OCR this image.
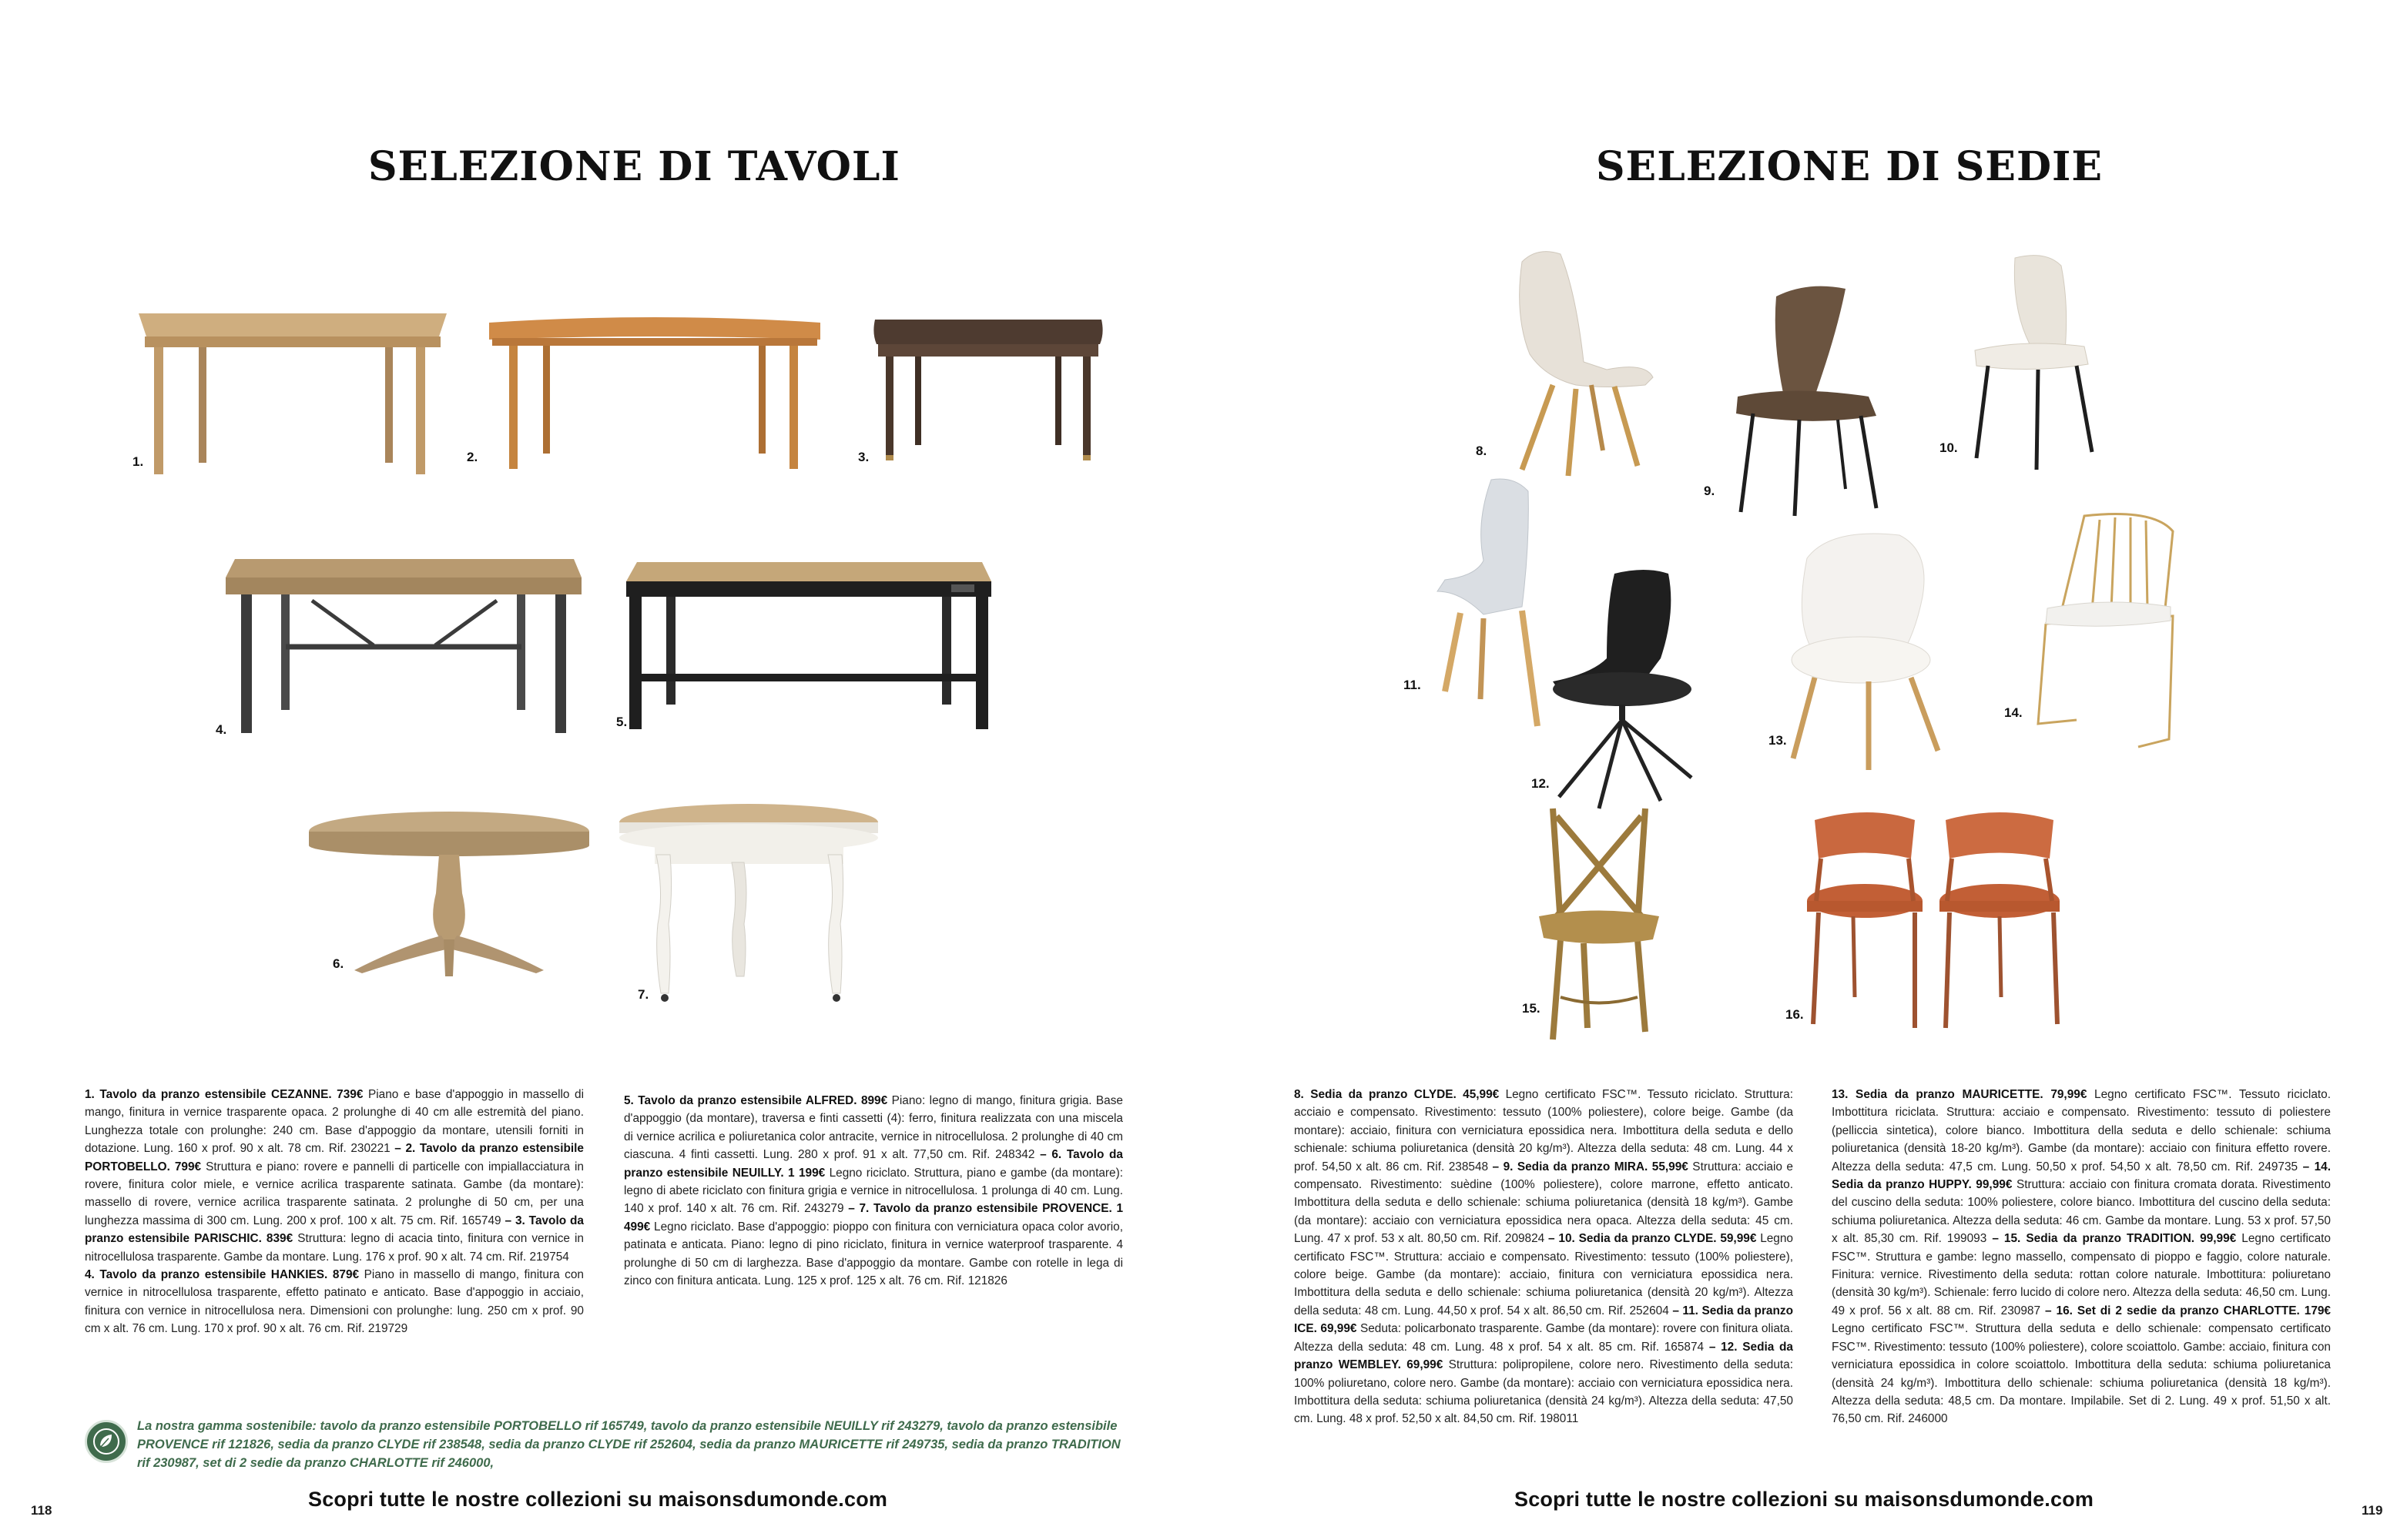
SELEZIONE DI TAVOLI
1.	2.	3.
4.
5.
6.
7.
1. Tavolo da pranzo estensibile CEZANNE. 739€ Piano e base d'appoggio in massello di mango, finitura in vernice trasparente opaca. 2 prolunghe di 40 cm alle estremità del piano. Lunghezza totale con prolunghe: 240 cm. Base d'appoggio da montare, utensili forniti in dotazione. Lung. 160 x prof. 90 x alt. 78 cm. Rif. 230221 – 2. Tavolo da pranzo estensibile PORTOBELLO. 799€ Struttura e piano: rovere e pannelli di particelle con impiallacciatura in rovere, finitura color miele, e vernice acrilica trasparente satinata. Gambe (da montare): massello di rovere, vernice acrilica trasparente satinata. 2 prolunghe di 50 cm, per una lunghezza massima di 300 cm. Lung. 200 x prof. 100 x alt. 75 cm. Rif. 165749 – 3. Tavolo da pranzo estensibile PARISCHIC. 839€ Struttura: legno di acacia tinto, finitura con vernice in nitrocellulosa trasparente. Gambe da montare. Lung. 176 x prof. 90 x alt. 74 cm. Rif. 219754
4. Tavolo da pranzo estensibile HANKIES. 879€ Piano in massello di mango, finitura con vernice in nitrocellulosa trasparente, effetto patinato e anticato. Base d'appoggio in acciaio, finitura con vernice in nitrocellulosa nera. Dimensioni con prolunghe: lung. 250 cm x prof. 90 cm x alt. 76 cm. Lung. 170 x prof. 90 x alt. 76 cm. Rif. 219729
5. Tavolo da pranzo estensibile ALFRED. 899€ Piano: legno di mango, finitura grigia. Base d'appoggio (da montare), traversa e finti cassetti (4): ferro, finitura realizzata con una miscela di vernice acrilica e poliuretanica color antracite, vernice in nitrocellulosa. 2 prolunghe di 40 cm ciascuna. 4 finti cassetti. Lung. 280 x prof. 91 x alt. 77,50 cm. Rif. 248342 – 6. Tavolo da pranzo estensibile NEUILLY. 1 199€ Legno riciclato. Struttura, piano e gambe (da montare): legno di abete riciclato con finitura grigia e vernice in nitrocellulosa. 1 prolunga di 40 cm. Lung. 140 x prof. 140 x alt. 76 cm. Rif. 243279 – 7. Tavolo da pranzo estensibile PROVENCE. 1 499€ Legno riciclato. Base d'appoggio: pioppo con finitura con verniciatura opaca color avorio, patinata e anticata. Piano: legno di pino riciclato, finitura in vernice waterproof trasparente. 4 prolunghe di 50 cm di larghezza. Base d'appoggio da montare. Gambe con rotelle in lega di zinco con finitura anticata. Lung. 125 x prof. 125 x alt. 76 cm. Rif. 121826
La nostra gamma sostenibile: tavolo da pranzo estensibile PORTOBELLO rif 165749, tavolo da pranzo estensibile NEUILLY rif 243279, tavolo da pranzo estensibile PROVENCE rif 121826, sedia da pranzo CLYDE rif 238548, sedia da pranzo CLYDE rif 252604, sedia da pranzo MAURICETTE rif 249735, sedia da pranzo TRADITION rif 230987, set di 2 sedie da pranzo CHARLOTTE rif 246000,
Scopri tutte le nostre collezioni su maisonsdumonde.com
118
SELEZIONE DI SEDIE
8.
9.
10.
11.
12.
13.
14.
15.	16.
8. Sedia da pranzo CLYDE. 45,99€ Legno certificato FSC™. Tessuto riciclato. Struttura: acciaio e compensato. Rivestimento: tessuto (100% poliestere), colore beige. Gambe (da montare): acciaio, finitura con verniciatura epossidica nera. Imbottitura della seduta e dello schienale: schiuma poliuretanica (densità 20 kg/m³). Altezza della seduta: 48 cm. Lung. 44 x prof. 54,50 x alt. 86 cm. Rif. 238548 – 9. Sedia da pranzo MIRA. 55,99€ Struttura: acciaio e compensato. Rivestimento: suèdine (100% poliestere), colore marrone, effetto anticato. Imbottitura della seduta e dello schienale: schiuma poliuretanica (densità 18 kg/m³). Gambe (da montare): acciaio con verniciatura epossidica nera opaca. Altezza della seduta: 45 cm. Lung. 47 x prof. 53 x alt. 80,50 cm. Rif. 209824 – 10. Sedia da pranzo CLYDE. 59,99€ Legno certificato FSC™. Struttura: acciaio e compensato. Rivestimento: tessuto (100% poliestere), colore beige. Gambe (da montare): acciaio, finitura con verniciatura epossidica nera. Imbottitura della seduta e dello schienale: schiuma poliuretanica (densità 20 kg/m³). Altezza della seduta: 48 cm. Lung. 44,50 x prof. 54 x alt. 86,50 cm. Rif. 252604 – 11. Sedia da pranzo ICE. 69,99€ Seduta: policarbonato trasparente. Gambe (da montare): rovere con finitura oliata. Altezza della seduta: 48 cm. Lung. 48 x prof. 54 x alt. 85 cm. Rif. 165874 – 12. Sedia da pranzo WEMBLEY. 69,99€ Struttura: polipropilene, colore nero. Rivestimento della seduta: 100% poliuretano, colore nero. Gambe (da montare): acciaio con verniciatura epossidica nera. Imbottitura della seduta: schiuma poliuretanica (densità 24 kg/m³). Altezza della seduta: 47,50 cm. Lung. 48 x prof. 52,50 x alt. 84,50 cm. Rif. 198011
13. Sedia da pranzo MAURICETTE. 79,99€ Legno certificato FSC™. Tessuto riciclato. Imbottitura riciclata. Struttura: acciaio e compensato. Rivestimento: tessuto di poliestere (pelliccia sintetica), colore bianco. Imbottitura della seduta e dello schienale: schiuma poliuretanica (densità 18-20 kg/m³). Gambe (da montare): acciaio con finitura effetto rovere. Altezza della seduta: 47,5 cm. Lung. 50,50 x prof. 54,50 x alt. 78,50 cm. Rif. 249735 – 14. Sedia da pranzo HUPPY. 99,99€ Struttura: acciaio con finitura cromata dorata. Rivestimento del cuscino della seduta: 100% poliestere, colore bianco. Imbottitura del cuscino della seduta: schiuma poliuretanica. Altezza della seduta: 46 cm. Gambe da montare. Lung. 53 x prof. 57,50 x alt. 85,30 cm. Rif. 199093 – 15. Sedia da pranzo TRADITION. 99,99€ Legno certificato FSC™. Struttura e gambe: legno massello, compensato di pioppo e faggio, colore naturale. Finitura: vernice. Rivestimento della seduta: rottan colore naturale. Imbottitura: poliuretano (densità 30 kg/m³). Schienale: ferro lucido di colore nero. Altezza della seduta: 46,50 cm. Lung. 49 x prof. 56 x alt. 88 cm. Rif. 230987 – 16. Set di 2 sedie da pranzo CHARLOTTE. 179€ Legno certificato FSC™. Struttura della seduta e dello schienale: compensato certificato FSC™. Rivestimento: tessuto (100% poliestere), colore scoiattolo. Gambe: acciaio, finitura con verniciatura epossidica in colore scoiattolo. Imbottitura della seduta: schiuma poliuretanica (densità 24 kg/m³). Imbottitura dello schienale: schiuma poliuretanica (densità 18 kg/m³). Altezza della seduta: 48,5 cm. Da montare. Impilabile. Set di 2. Lung. 49 x prof. 51,50 x alt. 76,50 cm. Rif. 246000
Scopri tutte le nostre collezioni su maisonsdumonde.com	119
